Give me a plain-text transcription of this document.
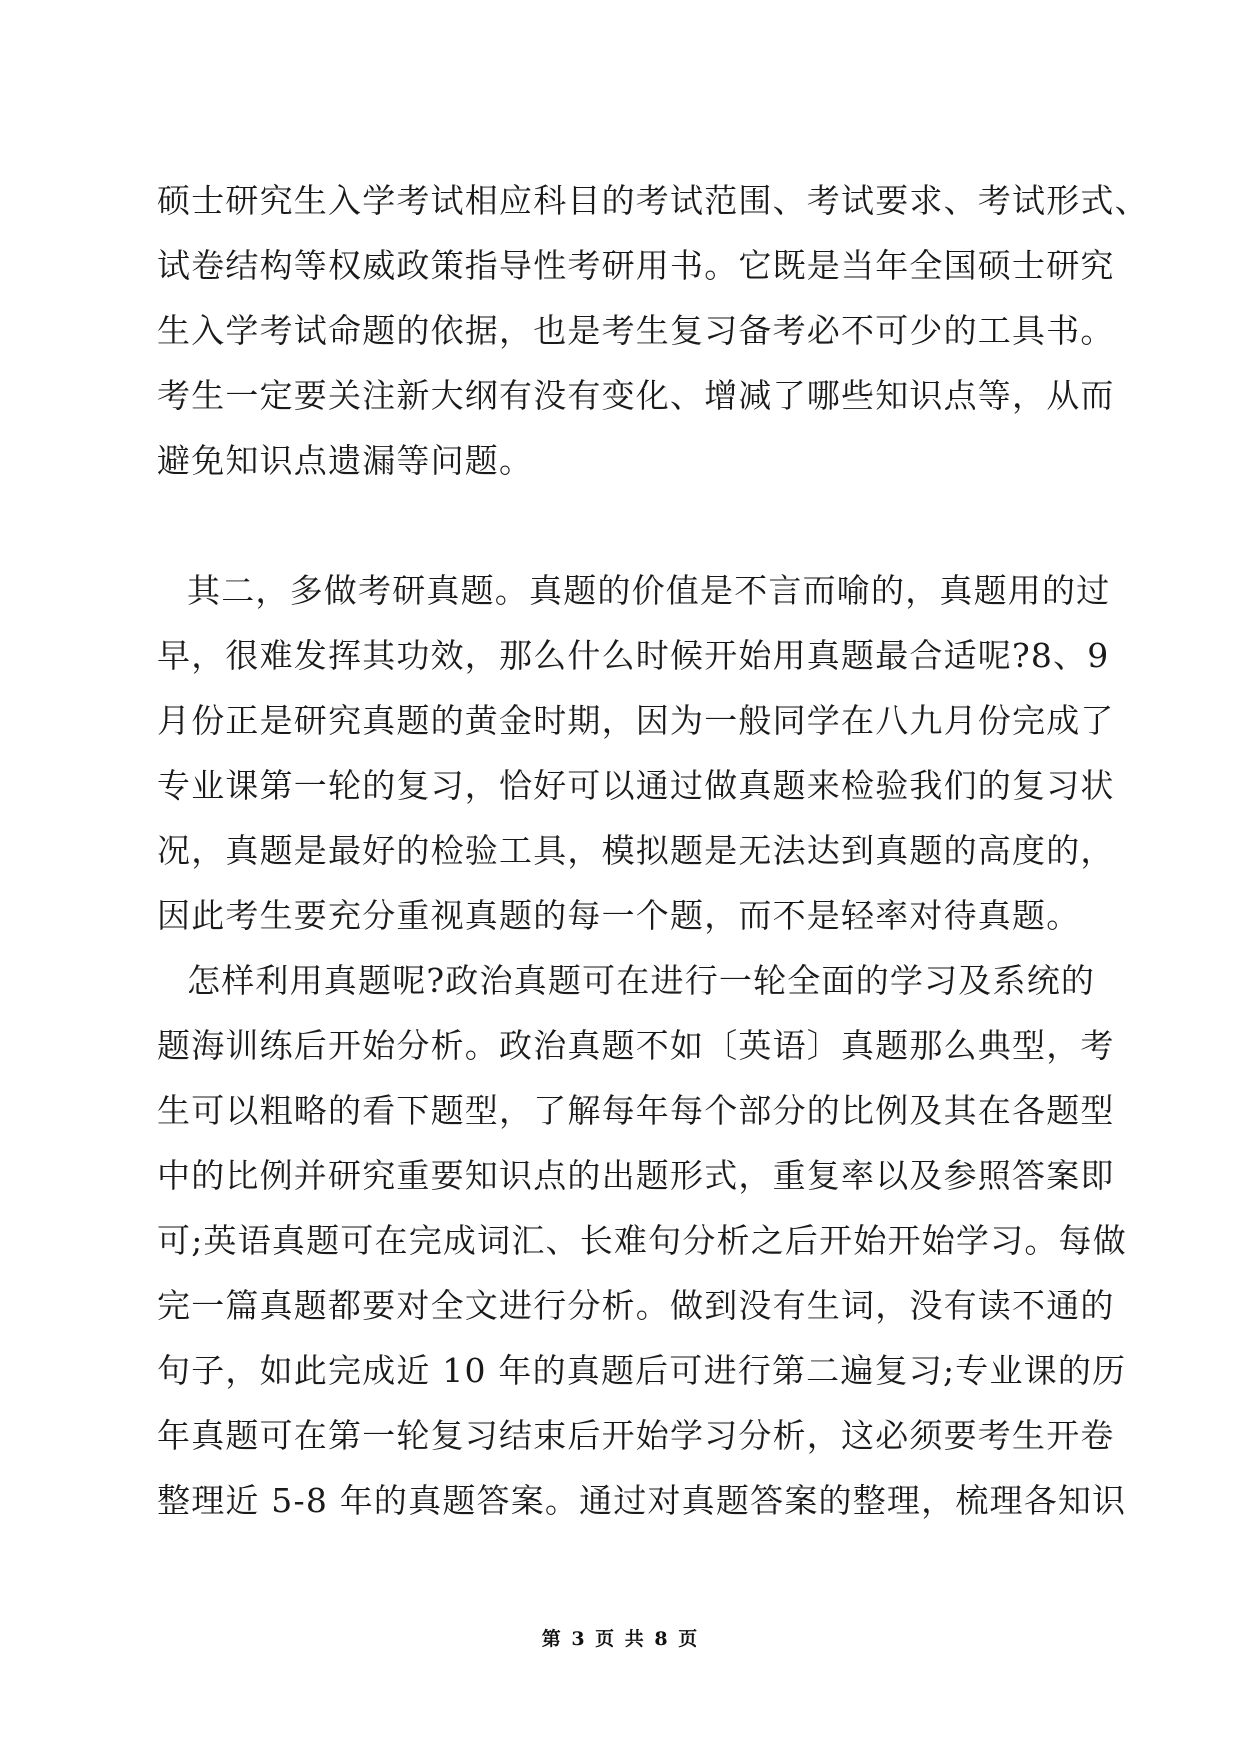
硕士研究生入学考试相应科目的考试范围、考试要求、考试形式、
试卷结构等权威政策指导性考研用书。它既是当年全国硕士研究
生入学考试命题的依据，也是考生复习备考必不可少的工具书。
考生一定要关注新大纲有没有变化、增减了哪些知识点等，从而
避免知识点遗漏等问题。
其二，多做考研真题。真题的价值是不言而喻的，真题用的过
早，很难发挥其功效，那么什么时候开始用真题最合适呢?8、9
月份正是研究真题的黄金时期，因为一般同学在八九月份完成了
专业课第一轮的复习，恰好可以通过做真题来检验我们的复习状
况，真题是最好的检验工具，模拟题是无法达到真题的高度的，
因此考生要充分重视真题的每一个题，而不是轻率对待真题。
怎样利用真题呢?政治真题可在进行一轮全面的学习及系统的
题海训练后开始分析。政治真题不如〔英语〕真题那么典型，考
生可以粗略的看下题型，了解每年每个部分的比例及其在各题型
中的比例并研究重要知识点的出题形式，重复率以及参照答案即
可;英语真题可在完成词汇、长难句分析之后开始开始学习。每做
完一篇真题都要对全文进行分析。做到没有生词，没有读不通的
句子，如此完成近 10 年的真题后可进行第二遍复习;专业课的历
年真题可在第一轮复习结束后开始学习分析，这必须要考生开卷
整理近 5-8 年的真题答案。通过对真题答案的整理，梳理各知识
第 3 页 共 8 页
